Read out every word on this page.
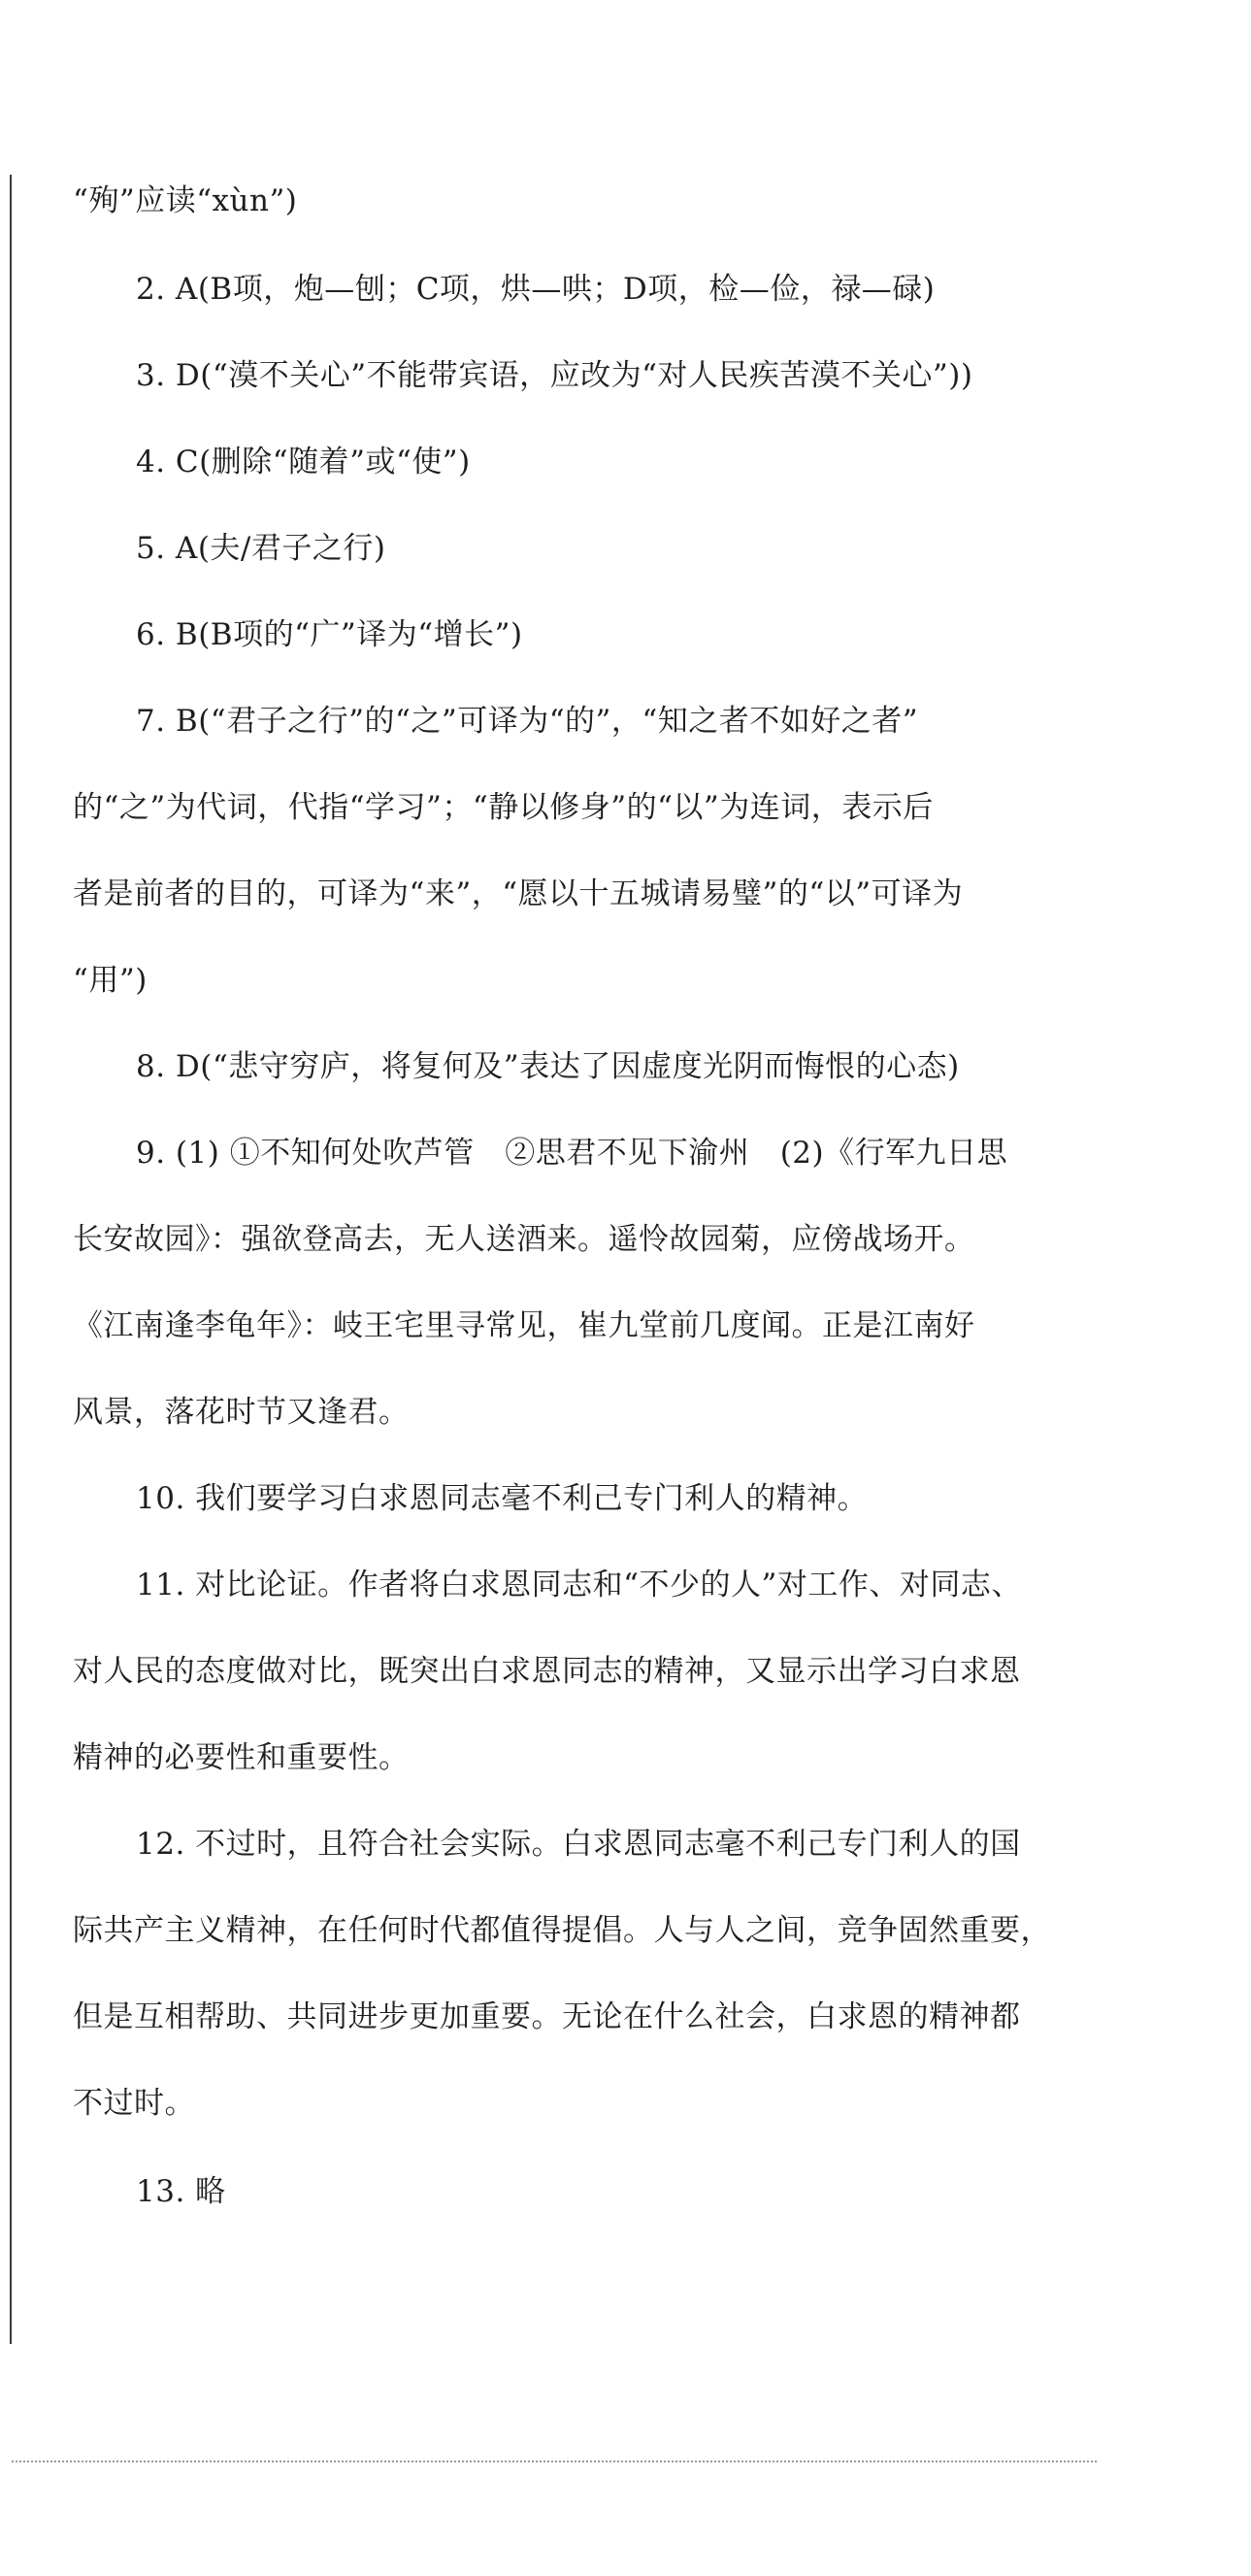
“殉”应读“xùn”)
2. A(B项，炮—刨；C项，烘—哄；D项，检—俭，禄—碌)
3. D(“漠不关心”不能带宾语，应改为“对人民疾苦漠不关心”))
4. C(删除“随着”或“使”)
5. A(夫/君子之行)
6. B(B项的“广”译为“增长”)
7. B(“君子之行”的“之”可译为“的”，“知之者不如好之者”
的“之”为代词，代指“学习”；“静以修身”的“以”为连词，表示后
者是前者的目的，可译为“来”，“愿以十五城请易璧”的“以”可译为
“用”)
8. D(“悲守穷庐，将复何及”表达了因虚度光阴而悔恨的心态)
9. (1) ①不知何处吹芦管　②思君不见下渝州　(2)《行军九日思
长安故园》：强欲登高去，无人送酒来。遥怜故园菊，应傍战场开。
《江南逢李龟年》：岐王宅里寻常见，崔九堂前几度闻。正是江南好
风景，落花时节又逢君。
10. 我们要学习白求恩同志毫不利己专门利人的精神。
11. 对比论证。作者将白求恩同志和“不少的人”对工作、对同志、
对人民的态度做对比，既突出白求恩同志的精神，又显示出学习白求恩
精神的必要性和重要性。
12. 不过时，且符合社会实际。白求恩同志毫不利己专门利人的国
际共产主义精神，在任何时代都值得提倡。人与人之间，竞争固然重要，
但是互相帮助、共同进步更加重要。无论在什么社会，白求恩的精神都
不过时。
13. 略
